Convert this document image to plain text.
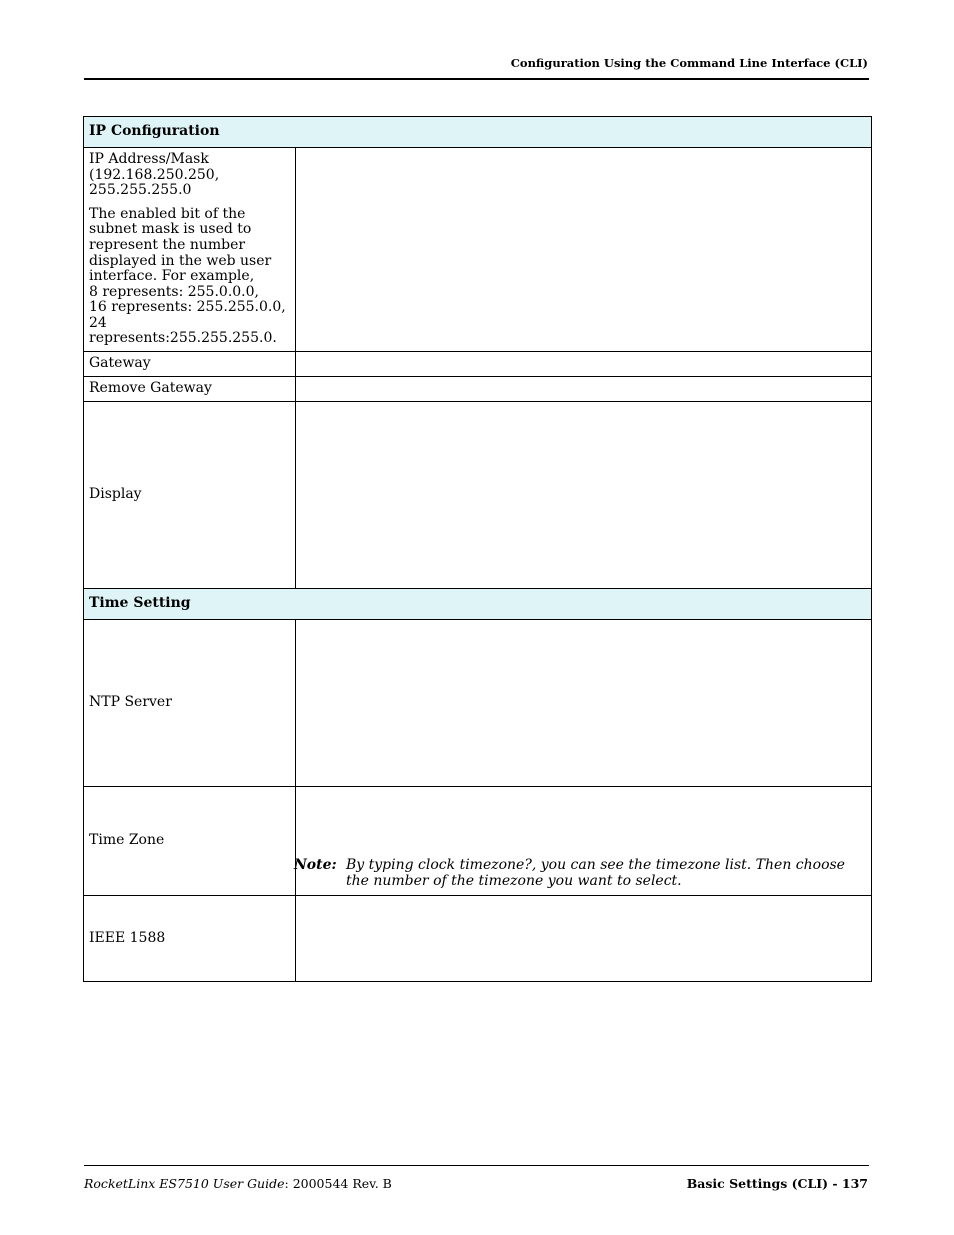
Configuration Using the Command Line Interface (CLI)
IP Configuration	

IP Address/Mask (192.168.250.250, 255.255.255.0

The enabled bit of the subnet mask is used to represent the number displayed in the web user interface. For example,
8 represents: 255.0.0.0,
16 represents: 255.255.0.0,
24 represents:255.255.255.0.	

Gateway	
Remove Gateway	
Display	
Time Setting	
NTP Server	
Time Zone	Note: By typing clock timezone?, you can see the timezone list. Then choose the number of the timezone you want to select.

IEEE 1588	
RocketLinx ES7510 User Guide: 2000544 Rev. B	Basic Settings (CLI) - 137
